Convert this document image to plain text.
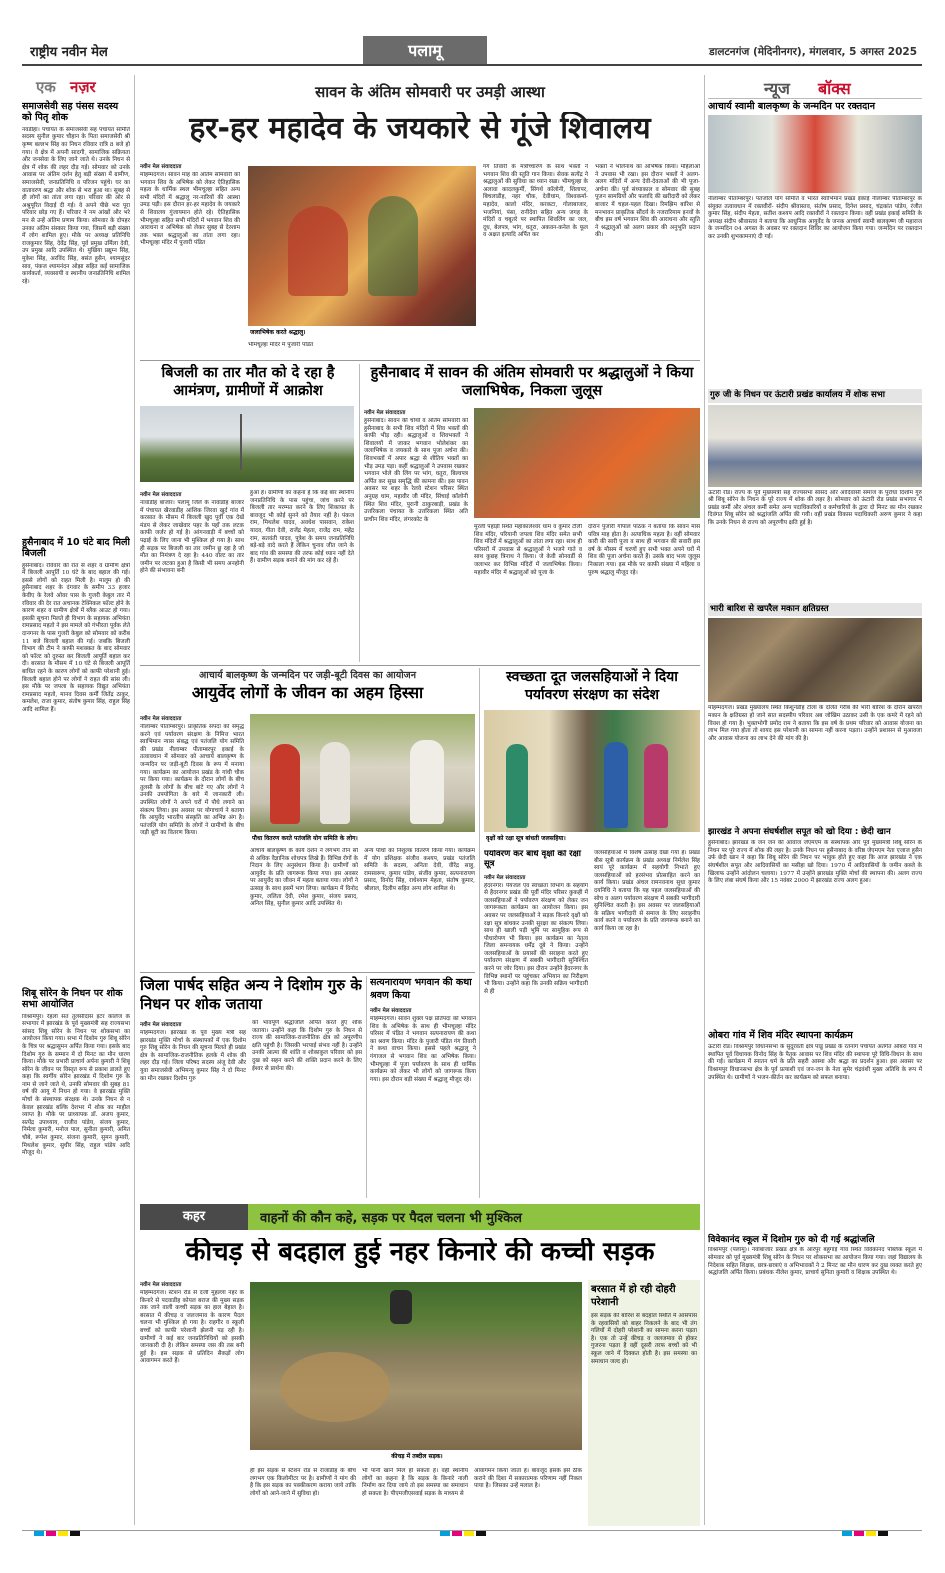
राष्ट्रीय नवीन मेल	पलामू	डालटनगंज (मेदिनीनगर), मंगलवार, 5 अगस्त 2025
एक नज़र
समाजसेवी सह पंसस सदस्य को पितृ शोक
नवडीहा। पंचायत के समाजसेवी सह पंचायत समिति सदस्य सुनील कुमार चौहान के पिता समाजसेवी श्री कृष्ण बल्लभ सिंह का निधन रविवार रात्रि 8 बजे हो गया। वे क्षेत्र में अपनी सादगी, सामाजिक सक्रियता और जनसेवा के लिए जाने जाते थे। उनके निधन से क्षेत्र में शोक की लहर दौड़ गई। सोमवार को उनके आवास पर अंतिम दर्शन हेतु बड़ी संख्या में ग्रामीण, समाजसेवी, जनप्रतिनिधि व परिजन पहुंचे। घर का वातावरण श्रद्धा और शोक से भरा हुआ था। सुबह से ही लोगों का तांता लगा रहा। परिवार की ओर से अश्रुपूरित विदाई दी गई। वे अपने पीछे भरा पूरा परिवार छोड़ गए हैं। परिवार ने नम आंखों और भरे मन से उन्हें अंतिम प्रणाम किया। सोमवार के दोपहर उनका अंतिम संस्कार किया गया, जिसमें बड़ी संख्या में लोग शामिल हुए। मौके पर अध्यक्ष प्रतिनिधि राजकुमार सिंह, देवेंद्र सिंह, पूर्व प्रमुख उर्मिला देवी, उप प्रमुख आदि उपस्थित थे। मुखिया प्रद्युम्न सिंह, मुकेश सिंह, अरविंद सिंह, बसंत हुसैन, श्यामसुंदर साव, पंकज श्यामनंदन ओझा सहित कई सामाजिक कार्यकर्ता, व्यवसायी व स्थानीय जनप्रतिनिधि शामिल रहे।
हुसैनाबाद में 10 घंटे बाद मिली बिजली
हुसैनाबाद। रविवार की रात से शहर व ग्रामीण क्षेत्रों में बिजली आपूर्ति 10 घंटे के बाद बहाल की गई। इससे लोगों को राहत मिली है। मालूम हो की हुसैनाबाद शहर के दंगवार के समीप 33 हजार केवीए के रेलवे ओवर पास के गुजरी केबुल तार में रविवार की देर रात अचानक टेक्निकल फॉल्ट होने के कारण शहर व ग्रामीण क्षेत्रों में ब्लैक आउट हो गया। इसकी सूचना मिलते ही विभाग के सहायक अभियंता रामप्रसाद महतो ने इस मामले को गंभीरता पूर्वक लेते दानगनर के पास गुजरी केबुल को सोमवार को करीब 11 बजे बिजली बहाल की गई। जबकि बिजली विभाग की टीम ने काफी मशक्कत के बाद सोमवार को फॉल्ट को दुरुस्त कर बिजली आपूर्ति बहाल कर दी। बरसात के मौसम में 10 घंटे से बिजली आपूर्ति बाधित रहने के कारण लोगों को काफी परेशानी हुई। बिजली बहाल होने पर लोगों ने राहत की सांस ली। इस मौके पर जपला के सहायक विद्युत अभियंता रामप्रसाद महतो, मानव दिवस कर्मी जितेंद्र ठाकुर, कमलेश, राजा कुमार, संतोष कुमार सिंह, राहुल सिंह आदि शामिल हैं।
शिबू सोरेन के निधन पर शोक सभा आयोजित
विश्रामपुर। रेहला संत तुलसीदास इंटर कॉलेज के सभागार में झारखंड के पूर्व मुख्यमंत्री सह राज्यसभा सांसद शिबू सोरेन के निधन पर शोकसभा का आयोजन किया गया। सभा में दिशोम गुरु शिबू सोरेन के चित्र पर श्रद्धासुमन अर्पित किया गया। इसके बाद दिशोम गुरु के सम्मान में दो मिनट का मौन धारण किया। मौके पर प्रभारी प्राचार्य अर्पना कुमारी ने शिबू सोरेन के जीवन पर विस्तृत रूप से प्रकाश डालते हुए कहा कि स्वर्गीय सोरेन झारखंड में दिशोम गुरु के नाम से जाने जाते थे, उनकी सोमवार की सुबह 81 वर्ष की आयु में निधन हो गया। वे झारखंड मुक्ति मोर्चा के संस्थापक संरक्षक थे। उनके निधन से न केवल झारखंड बल्कि देशभर में शोक का माहौल व्याप्त है। मौके पर प्राध्यापक डॉ. अजय कुमार, सत्येंद्र उपाध्याय, राजीव पांडेय, संजय कुमार, निर्मला कुमारी, मनोज पाल, सुनीता कुमारी, अमित चौबे, रूपेश कुमार, संजना कुमारी, सुमन कुमारी, मिथलेश कुमार, सुधीर सिंह, राहुल पांडेय आदि मौजूद थे।
सावन के अंतिम सोमवारी पर उमड़ी आस्था
हर-हर महादेव के जयकारे से गूंजे शिवालय
नवीन मेल संवाददाता
मोहम्मदगंज। सावन माह की अंतिम सोमवारी को भगवान शिव के अभिषेक को लेकर ऐतिहासिक महत्व के धार्मिक स्थल भीमचूल्हा सहित अन्य सभी मंदिरों में श्रद्धालु नर-नारियों की आस्था उमड़ पड़ी। इस दौरान हर-हर महादेव के जयकारे से शिवालय गुंजायमान होते रहे। ऐतिहासिक भीमचूल्हा सहित सभी मंदिरों में भगवान शिव की आराधना व अभिषेक को लेकर सुबह से देरशाम तक भक्त श्रद्धालुओं का तांता लगा रहा। भीमचूल्हा मंदिर में पुजारी पंडित
जलाभिषेक करते श्रद्धालु।
भीमचूल्हा मंदिर में पुजारी पंडित
गंग तिवारी के मंत्रोच्चारण के साथ भक्तों ने भगवान शिव की स्तुति गान किया। सेवक सत्येंद्र ने श्रद्धालुओं की सुविधा का ध्यान रखा। भीमचूल्हा के अलावा कादलकुर्मी, सिंगर्थ कॉलोनी, शिलापर, बिचलाडीह, नहर चौक, देवीधाम, विश्वकर्मा-महादेव, कालो मंदिर, करकटा, गोलाबाजार, भजनियां, पंसा, रानीदेवा सहित अन्य जगह के मंदिरों व चबूतरे पर स्थापित शिवलिंग का जल, दूध, बेलपत्र, भांग, धतूरा, अकवन-कनेल के फूल व अक्षत इत्यादि अर्पित कर
भक्तों ने भोलेनाथ का अभिषेक किया। महिलाओं ने उपवास भी रखा। इस दौरान भक्तों ने अलग-अलग मंदिरों में अन्य देवी-देवताओं की भी पूजा-अर्चना की। पूर्व संध्याकाल व सोमवार की सुबह पूजन सामग्रियों और फलादि की खरीदारी को लेकर बाजार में चहल-पहल दिखा। रिमझिम बारिश से मनभावन प्राकृतिक सौंदर्य के नजरारिमाम इनवों के बीच इस वर्ष भगवान शिव की आराधना और स्तुति ने श्रद्धालुओं को अलग प्रकार की अनुभूति प्रदान की।
बिजली का तार मौत को दे रहा है आमंत्रण, ग्रामीणों में आक्रोश
नवीन मेल संवाददाता
नावाडीह बाजार। पलामू जिले के नावाडीह बाजार में पंचायत खैरवाडीह आंशिक जिरवा खुर्द गांव में करसात के मौसम में बिजली खुद पूर्वी एक देखें मंडप से लेकर जाखेवार पहर के पहाँ तक लटक काफी जर्जर हो गई है। आंगनवाड़ी में बच्चों को पढ़ाई के लिए जाना भी मुश्किल हो गया है। साथ ही सड़क पर बिजली का तार जमीन छू रहा है जो मौत का निमंत्रण दे रहा है। 440 वोल्ट का तार जमीन पर लटका हुआ है किसी भी समय अनहोनी होने की संभावना बनी
हुआ है। ग्रामीणों का कहना है कि कई बार स्थानीय जनप्रतिनिधि के पास पहुंचा, जांच करने पर बिजली तार मरम्मत करने के लिए शिकायत के बावजूद भी कोई सुनने को तैयार नहीं है। पंकज राम, मिथलेश यादव, अवधेश पासवान, राकेश यादव, गीता देवी, राजेंद्र मेहता, राजेंद्र राम, महेंद्र राम, सतवंती यादव, पुत्रेश के समय जनप्रतिनिधि बड़े-बड़े वादे करते हैं लेकिन चुनाव जीत जाने के बाद गांव की समस्या की तरफ कोई ध्यान नहीं देते हैं। ग्रामीण सड़क बनाने की मांग कर रहे हैं।
हुसैनाबाद में सावन की अंतिम सोमवारी पर श्रद्धालुओं ने किया जलाभिषेक, निकला जुलूस
नवीन मेल संवाददाता
हुसैनाबाद। सावन की चौथी व अंतिम सोमवारी को हुसैनाबाद के सभी शिव मंदिरों में शिव भक्तों की काफी भीड़ रही। श्रद्धालुओं व शिवभक्तों ने शिवालयों में जाकर भगवान भोलेशंकर का जलाभिषेक व जयकारे के साथ पूजा अर्चना की। शिवभक्तों में अपार श्रद्धा से शीतिय भक्तों का भीड़ उमड़ पड़ा। कहीं श्रद्धालुओं ने उपवास रखकर भगवान भोले की लिंग पर भांग, धतूरा, बिल्वपत्र अर्पित कर सुख समृद्धि की कामना की। इस पावन अवसर पर शहर के रेलवे स्टेशन परिसर स्थित अनुग्रह धाम, महावीर जी मंदिर, सिंचाई कॉलोनी स्थित शिव मंदिर, पुरानी ठाकुरबाड़ी, प्रखंड के उत्तरिकला पंचायत के उत्तरिकला स्थित अति प्राचीन शिव मंदिर, लंगरकोट के
मुरली पहाड़ी स्थित महाकालेश्वर धाम व कुमार टोली शिव मंदिर, परियानी जपला शिव मंदिर समेत सभी शिव मंदिरों में श्रद्धालुओं का तांता लगा रहा। साथ ही परिसरों में उपवास से श्रद्धालुओं ने भजने गाते व साथ कुछह त्रिनाथ ने किया। जे केवी सोनवर्डी से जलाभर कर विभिन्न मंदिरों में जलाभिषेक किया। महावीर मंदिर में श्रद्धालुओं को पूजा के
दौरान पुजारी गोपाल पाठक ने बताया कि सावन मास पवित्र माह होता है। अत्याधिक महत्व है। वहीं सोमवार कारी की सारी पूजा व साथ ही भगवान की सवारी इस वर्ष के मौसम में चरणों हुए सभी भक्त अपने घरों में शिव की पूजा अर्चना करते हैं। उसके बाद भव्य जुलूस निकाला गया। इस मौके पर काफी संख्या में महिला व पुरुष श्रद्धालु मौजूद रहे।
आचार्य बालकृष्ण के जन्मदिन पर जड़ी-बूटी दिवस का आयोजन
आयुर्वेद लोगों के जीवन का अहम हिस्सा
नवीन मेल संवाददाता
नीलाम्बर पीताम्बरपुर। प्राकृतिक संपदा को समृद्ध करने एवं पर्यावरण संरक्षण के निमित्त भारत स्वाभिमान न्यास संबद्ध एवं पतंजलि योग समिति की प्रखंड नीलाम्बर पीताम्बरपुर इकाई के तत्वावधान में सोमवार को आचार्य बालकृष्ण के जन्मदिन पर जड़ी-बूटी दिवस के रूप में मनाया गया। कार्यक्रम का आयोजन प्रखंड के गांधी चौक पर किया गया। कार्यक्रम के दौरान लोगों के बीच तुलसी के लोगों के बीच बांटे गए और लोगों ने उनकी उपयोगिता के बारे में जानकारी ली। उपस्थित लोगों ने अपने घरों में पौधे लगाने का संकल्प लिया। इस अवसर पर योगाचार्य ने बताया कि आयुर्वेद भारतीय संस्कृति का अभिन्न अंग है। पतंजलि योग समिति के लोगों ने ग्रामीणों के बीच जड़ी बूटी का वितरण किया।
पौधा वितरण करते पतंजलि योग समिति के लोग।
आचार्य बालकृष्ण के कार्य दर्शन ने लगभग तीन सौ से अधिक वैज्ञानिक शोधपत्र लिखे हैं। विभिन्न रोगों के निदान के लिए अनुसंधान किया है। ग्रामीणों को आयुर्वेद के प्रति जागरूक किया गया। इस अवसर पर आयुर्वेद का जीवन में महत्व बताया गया। लोगों ने उत्साह के साथ इसमें भाग लिया। कार्यक्रम में विनोद कुमार, ललिता देवी, रमेश कुमार, संजय प्रसाद, अनिल सिंह, सुनील कुमार आदि उपस्थित थे।
अन्य पौधों का निशुल्क वितरण किया गया। कार्यक्रम में योग प्रशिक्षक संजीव कश्यप, प्रखंड पतंजलि समिति के सदस्य, अनिता देवी, वीरेंद्र साहु, रामस्वरूप, कुमार पांडेय, संजीव कुमार, सत्यनारायण प्रसाद, विनोद सिंह, राधेश्याम मेहता, संतोष कुमार, श्रीलाल, दिलीप सहित अन्य लोग शामिल थे।
स्वच्छता दूत जलसहियाओं ने दिया पर्यावरण संरक्षण का संदेश
वृक्षों को रक्षा सूत्र बांधती जलसहिया।
पर्यावरण कर बांधे वृक्षों को रक्षा सूत्र
नवीन मेल संवाददाता
हैदरनगर। पेयजल एवं स्वच्छता विभाग के सहयोग से हैदरनगर प्रखंड की पूर्वी मंदिर परिसर कुकही में जलसहियाओं ने पर्यावरण संरक्षण को लेकर जन जागरूकता कार्यक्रम का आयोजन किया। इस अवसर पर जलसहियाओं ने सड़क किनारे वृक्षों को रक्षा सूत्र बांधकर उनकी सुरक्षा का संकल्प लिया। साथ ही खाली पड़ी भूमि पर सामूहिक रूप से पौधारोपण भी किया। इस कार्यक्रम का नेतृत्व जिला समन्वयक धर्मेंद्र दूबे ने किया। उन्होंने जलसहियाओं के प्रयासों की सराहना करते हुए पर्यावरण संरक्षण में सबकी भागीदारी सुनिश्चित करने पर जोर दिया। इस दौरान उन्होंने हैदरनगर के विभिन्न स्थानों पर पहुंचकर अभियान का निरीक्षण भी किया। उन्होंने कहा कि उनकी सक्रिय भागीदारी से ही
जलसहियाओं में विशेष उत्साह देखा गया है। प्रखंड बीस सूत्री कार्यक्रम के प्रखंड अध्यक्ष निर्मलेश सिंह स्वयं पूरे कार्यक्रम में सहयोगी निभाते हुए जलसहियाओं को हरसंभव प्रोत्साहित करने का कार्य किया। प्रखंड अंचल रामनवनाथ सुधा कुमार दयनिधि ने बताया कि यह पहल जलसहियाओं की सोच व अलग पर्यावरण संरक्षण में सबकी भागीदारी सुनिश्चित करती है। इस अवसर पर जलसहियाओं के सक्रिय भागीदारी से समाज के लिए सराहनीय कार्य करने व पर्यावरण के प्रति जागरूक बनाने का कार्य किया जा रहा है।
जिला पार्षद सहित अन्य ने दिशोम गुरु के निधन पर शोक जताया
नवीन मेल संवाददाता
मोहम्मदगंज। झारखंड के पूर्व मुख्य मंत्री सह झारखंड मुक्ति मोर्चा के संस्थापकों में एक दिशोम गुरु शिबू सोरेन के निधन की सूचना मिलते ही प्रखंड क्षेत्र के सामाजिक-राजनीतिक हलके में शोक की लहर दौड़ गई। जिला परिषद सदस्य अंजू देवी और युवा समाजसेवी अभिमन्यु कुमार सिंह ने दो मिनट का मौन रखकर दिशोम गुरु
को भावपूर्ण श्रद्धांजलि अर्पित करते हुए शोक जताया। उन्होंने कहा कि दिशोम गुरु के निधन से राज्य की सामाजिक-राजनीतिक क्षेत्र को अपूरणीय क्षति पहुंची है। जिसकी भरपाई संभव नहीं है। उन्होंने उनकी आत्मा की शांति व शोकाकुल परिवार को इस दुख को सहन करने की शक्ति प्रदान करने के लिए ईश्वर से प्रार्थना की।
सत्यनारायण भगवान की कथा श्रवण किया
नवीन मेल संवाददाता
मोहम्मदगंज। सावन शुक्ल पक्ष प्रतिपदा को भगवान शिव के अभिषेक के साथ ही भीमचूल्हा मंदिर परिसर में पंडित ने भगवान सत्यनारायण की कथा का श्रवण किया। मंदिर के पुजारी पंडित गंग तिवारी ने कथा वाचन किया। इससे पहले श्रद्धालु ने गंगाजल से भगवान शिव का अभिषेक किया। भीमचूल्हा में पूजा पर्यावरण के साथ ही धार्मिक कार्यक्रम को लेकर भी लोगों को जागरूक किया गया। इस दौरान बड़ी संख्या में श्रद्धालु मौजूद रहे।
न्यूज बॉक्स
आचार्य स्वामी बालकृष्ण के जन्मदिन पर रक्तदान
नीलाम्बर पीताम्बरपुर। पतंजलि योग समिति व भारत स्वाभिमान प्रखंड इकाई नीलाम्बर पीताम्बरपुर के संयुक्त तत्वावधान में रक्तवीरों- संदीप श्रीवास्तव, संतोष प्रसाद, दिनेश प्रसाद, चंद्रकांत पांडेय, रंजीत कुमार सिंह, संदीप मेहता, सतीश कश्यप आदि रक्तवीरों ने रक्तदान किया। वहीं प्रखंड इकाई समिति के अध्यक्ष संदीप श्रीवास्तव ने बताया कि आधुनिक आयुर्वेद के जनक आचार्य स्वामी बालकृष्ण जी महाराज के जन्मदिन 04 अगस्त के अवसर पर रक्तदान शिविर का आयोजन किया गया। जन्मदिन पर रक्तदान कर उनकी शुभकामनाएं दी गईं।
गुरु जी के निधन पर ऊंटारी प्रखंड कार्यालय में शोक सभा
ऊंटारी रोड। राज्य के पूर्व मुख्यमंत्री सह राज्यसभा सांसद और आदिवासी समाज के पुरोधा दिशोम गुरु श्री शिबू सोरेन के निधन के पूरे राज्य में शोक की लहर है। सोमवार को ऊंटारी रोड प्रखंड सभागार में प्रखंड कर्मी और अंचल कर्मी समेत अन्य पदाधिकारियों व कर्मचारियों के द्वारा दो मिनट का मौन रखकर दिवंगत शिबू सोरेन को श्रद्धांजलि अर्पित की गयी। वहीं प्रखंड विकास पदाधिकारी अरुण कुमार ने कहा कि उनके निधन से राज्य को अपूरणीय क्षति हुई है।
भारी बारिश से खपरैल मकान क्षतिग्रस्त
मोहम्मदगंज। प्रखंड मुख्यालय स्थित किशुनडीह टोला के दलित गरीब की भारी बारिश के दौरान खपरैल मकान के क्षतिग्रस्त हो जाने सात सदस्यीय परिवार अब जोखिम उठाकर उसी के एक कमरे में रहने को विवश हो गया है। भुक्तभोगी प्रमोद राम ने बताया कि इस वर्ष के प्रथम परिवार को आवास योजना का लाभ मिल गया होता तो शायद इस परेशानी का सामना नहीं करना पड़ता। उन्होंने प्रशासन से मुआवजा और आवास योजना का लाभ देने की मांग की है।
झारखंड ने अपना संघर्षशील सपूत को खो दिया : छेदी खान
हुसैनाबाद। झारखंड के जन जन की आवाज जेएमएम के संस्थापक और पूर्व मुख्यमंत्री शिबू सोरेन के निधन पर पूरे राज्य में शोक की लहर है। उनके निधन पर हुसैनाबाद के वरिष्ठ जेएमएम नेता एजाज हुसैन उर्फ छेदी खान ने कहा कि शिबू सोरेन की निधन पर भावुक होते हुए कहा कि आज झारखंड ने एक संघर्षशील सपूत और आदिवासियों का मसीहा खो दिया। 1970 में आदिवासियों के जमीन कब्जे के खिलाफ उन्होंने आंदोलन चलाया। 1977 में उन्होंने झारखंड मुक्ति मोर्चा की स्थापना की। अलग राज्य के लिए लंबा संघर्ष किया और 15 नवंबर 2000 में झारखंड राज्य अलग हुआ।
ओबरा गांव में शिव मंदिर स्थापना कार्यक्रम
ऊंटारी रोड। विश्रामपुर विधानसभा के सुदूरवर्ती क्षेत्र पांडु प्रखंड के रतनाग पंचायत अंतर्गत ओबरा गांव में स्थापित पूर्व विधायक विनोद सिंह के पैतृक आवास पर शिव मंदिर की स्थापना पूरे विधि-विधान के साथ की गई। कार्यक्रम में स्नातन धर्म के प्रति सहरी आस्था और श्रद्धा का प्रदर्शन हुआ। इस अवसर पर विश्रामपुर विधानसभा क्षेत्र के पूर्व प्रत्याशी एवं जन-जन के नेता सुमेर चंद्रवंशी मुख्य अतिथि के रूप में उपस्थित थे। ग्रामीणों ने भजन-कीर्तन कर कार्यक्रम को सफल बनाया।
विवेकानंद स्कूल में दिशोम गुरु को दी गई श्रद्धांजलि
विश्रामपुर (पलामू)। नवाबाजार प्रखंड क्षेत्र के आरपुर बहुगाई गांव स्थित विवेकानंद पब्लिक स्कूल में सोमवार को पूर्व मुख्यमंत्री शिबू सोरेन के निधन पर शोकसभा का आयोजन किया गया। जहां विद्यालय के निदेशक सहित शिक्षक, छात्र-छात्राएं व अभिभावकों ने 2 मिनट का मौन धारण कर दुख व्यक्त करते हुए श्रद्धांजलि अर्पित किया। प्रबंधक नीलेश कुमार, प्राचार्य सुनिता कुमारी व शिक्षक उपस्थित थे।
कहर	वाहनों की कौन कहे, सड़क पर पैदल चलना भी मुश्किल
कीचड़ से बदहाल हुई नहर किनारे की कच्ची सड़क
नवीन मेल संवाददाता
मोहम्मदगंज। स्टेशन रोड से दर्जी मुहल्ला नहर के किनारे से पदवाडीह कोयल बराज की मुख्य सड़क तक जाने वाली कच्ची सड़क का हाल बेहाल है। बरसात में कीचड़ व जलजमाव के कारण पैदल चलना भी मुश्किल हो गया है। राहगीर व स्कूली बच्चों को काफी परेशानी झेलनी पड़ रही है। ग्रामीणों ने कई बार जनप्रतिनिधियों को इसकी जानकारी दी है। लेकिन समस्या जस की तस बनी हुई है। इस सड़क से प्रतिदिन सैकड़ों लोग आवागमन करते हैं।
कीचड़ में तब्दील सड़क।
ही इस सड़क से स्टेशन रोड से राजाडीह के बीच लगभग एक किलोमीटर पर है। ग्रामीणों ने मांग की है कि इस सड़क का पक्कीकरण कराया जाये ताकि लोगों को आने-जाने में सुविधा हो।
भी पानी खाने मिल हो सकता है। वहीं स्थानीय लोगों का कहना है कि सड़क के किनारे नाली निर्माण कर दिया जाये तो इस समस्या का समाधान हो सकता है। पीएमजीएसवाई सड़क के माध्यम से
आवागमन किया जाता है। बावजूद इसके इसे ठीक कराने की दिशा में सकारात्मक परिणाम नहीं निकल पाया है। जिसका उन्हें मलाल है।
बरसात में हो रही दोहरी परेशानी
इस सड़क की बारिश से बदहाल स्थिति में आसपास के रहवासियों को बाहर निकलने के बाद भी तंग गलियों में दोहरी परेशानी का सामना करना पड़ता है। एक तो उन्हें कीचड़ व जलजमाव से होकर गुजरना पड़ता है वहीं दूसरी तरफ बच्चों को भी स्कूल जाने में दिक्कत होती है। इस समस्या का समाधान जल्द हो।
